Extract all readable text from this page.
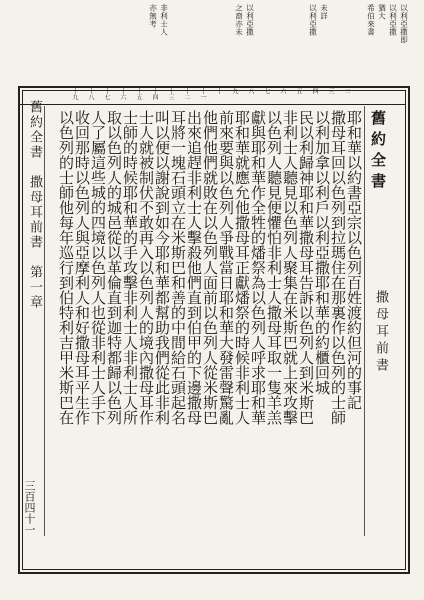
以利亞撒即
以利亞撒
猶大
希伯來書
未詳
以利亞撒
以利亞撒
之裔亦未
非利士人
亦無考
一
二
三
四
五
六
七
八
九
十
十一
十二
十三
十四
十五
十六
十七
十八
十九
舊約全書
撒母耳前書
耶和華以約書亞宗以色列百姓渡約但河的事記
撒母耳回以色列到拉瑪住在那裏作以色列的士師
以利加拿以利戶以利亞撒耶和華的約櫃回城
民以利歸神耶和華撒母耳告訴以色列人到米斯巴
非利士人聽見以色列人聚集在米斯巴就上來攻擊
以色列人聽見便懼怕非利士人撒母耳取一隻羊羔
獻與耶和華作全牲的燔祭為以色列人呼求耶和華
耶和華就應允他撒母耳正獻燔祭的時候非利士人
前來要與以色列人爭戰當日耶和華大發雷聲驚亂
他們他們就敗在以色列人面前以色列人從米斯巴
出來追趕非利士人擊殺他們直到伯甲的下邊撒母
耳將一塊石頭立在米斯巴和善的中間給石頭起名
叫以便以謝說到如今耶和華都幫助我們從此非利
士人就被制伏不敢再入以色列人的境內撒母耳作
士師的時候耶和華的手攻擊非利士人非利士人所
取以色列人的城邑從以革倫直到迦特都歸以色列
人了屬這些城的四境以色列人也從非利士人手下
收回那時以色列人與亞摩利人和好撒母耳平生作
以色列的士師他每年巡行到伯特利吉甲米斯巴在
舊約全書　撒母耳前書　第一章
三百四十一
